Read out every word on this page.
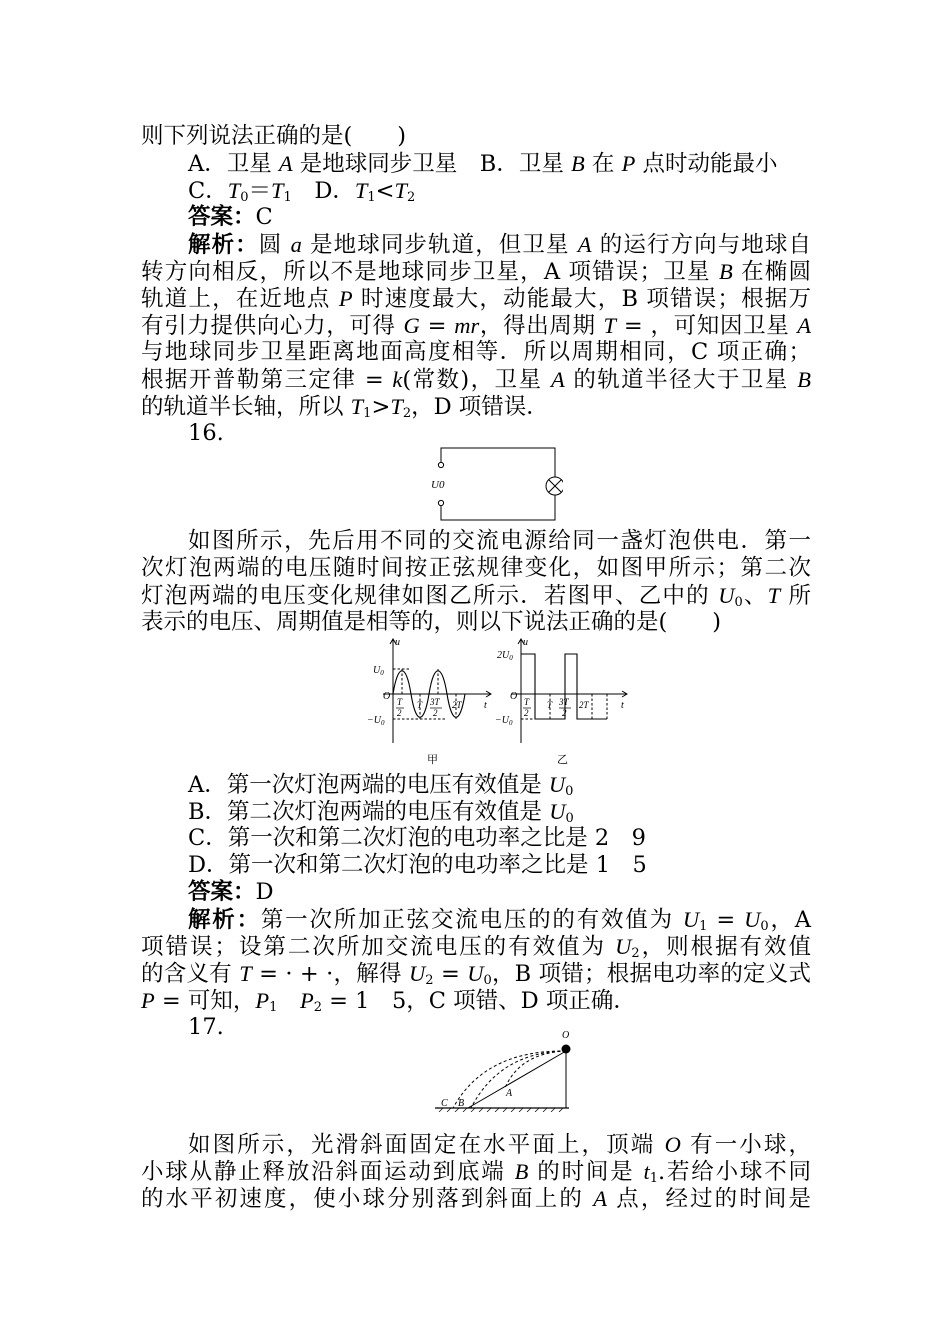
则下列说法正确的是(　　)
A．卫星 A 是地球同步卫星　B．卫星 B 在 P 点时动能最小
C．$T_0=T_1$　D．$T_1<T_2$
答案：C
解析：圆 a 是地球同步轨道，但卫星 A 的运行方向与地球自
转方向相反，所以不是地球同步卫星，A 项错误；卫星 B 在椭圆
轨道上，在近地点 P 时速度最大，动能最大，B 项错误；根据万
有引力提供向心力，可得 G = mr，得出周期 T = ，可知因卫星 A
与地球同步卫星距离地面高度相等．所以周期相同，C 项正确；
根据开普勒第三定律 = k(常数)，卫星 A 的轨道半径大于卫星 B
的轨道半长轴，所以 $T_1>T_2$，D 项错误．
16.
U0
如图所示，先后用不同的交流电源给同一盏灯泡供电．第一
次灯泡两端的电压随时间按正弦规律变化，如图甲所示；第二次
灯泡两端的电压变化规律如图乙所示．若图甲、乙中的 $U_0$、T 所
表示的电压、周期值是相等的，则以下说法正确的是(　　)
u
t
O
$U_0$
$-U_0$
T
2
T 3T
2
2T
甲
u
t
O
$2U_0$
$-U_0$
T
2
T 3T
2
2T
乙
A．第一次灯泡两端的电压有效值是 $U_0$
B．第二次灯泡两端的电压有效值是 $U_0$
C．第一次和第二次灯泡的电功率之比是 2　9
D．第一次和第二次灯泡的电功率之比是 1　5
答案：D
解析：第一次所加正弦交流电压的的有效值为 $U_1 = U_0$，A
项错误；设第二次所加交流电压的有效值为 $U_2$，则根据有效值
的含义有 T = · + ·，解得 $U_2 = U_0$，B 项错；根据电功率的定义式
P = 可知，$P_1$　 $P_2 = 1$　5，C 项错、D 项正确．
17.	O
A
B
C
如图所示，光滑斜面固定在水平面上，顶端 O 有一小球，
小球从静止释放沿斜面运动到底端 B 的时间是 $t_1$.若给小球不同
的水平初速度，使小球分别落到斜面上的 A 点，经过的时间是
